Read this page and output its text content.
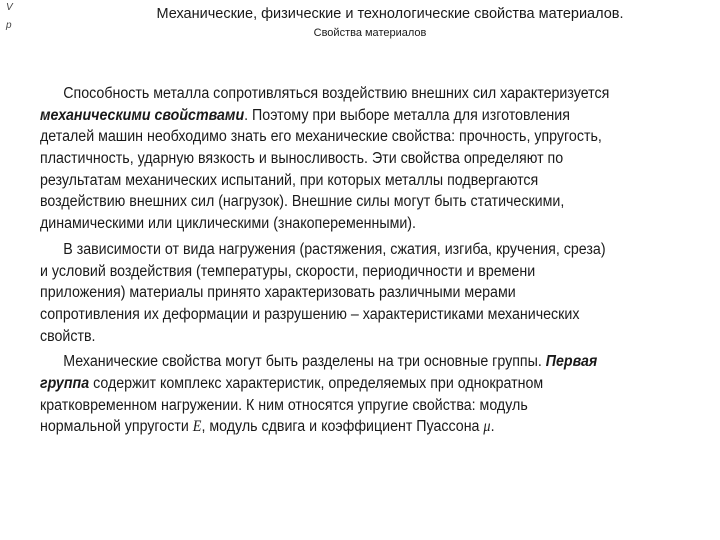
V
p
Механические, физические и технологические свойства материалов.
Свойства материалов
Способность металла сопротивляться воздействию внешних сил характеризуется
механическими свойствами. Поэтому при выборе металла для изготовления
деталей машин необходимо знать его механические свойства: прочность, упругость,
пластичность, ударную вязкость и выносливость. Эти свойства определяют по
результатам механических испытаний, при которых металлы подвергаются
воздействию внешних сил (нагрузок). Внешние силы могут быть статическими,
динамическими или циклическими (знакопеременными).
В зависимости от вида нагружения (растяжения, сжатия, изгиба, кручения, среза)
и условий воздействия (температуры, скорости, периодичности и времени
приложения) материалы принято характеризовать различными мерами
сопротивления их деформации и разрушению – характеристиками механических
свойств.
Механические свойства могут быть разделены на три основные группы. Первая
группа содержит комплекс характеристик, определяемых при однократном
кратковременном нагружении. К ним относятся упругие свойства: модуль
нормальной упругости E, модуль сдвига и коэффициент Пуассона μ.
